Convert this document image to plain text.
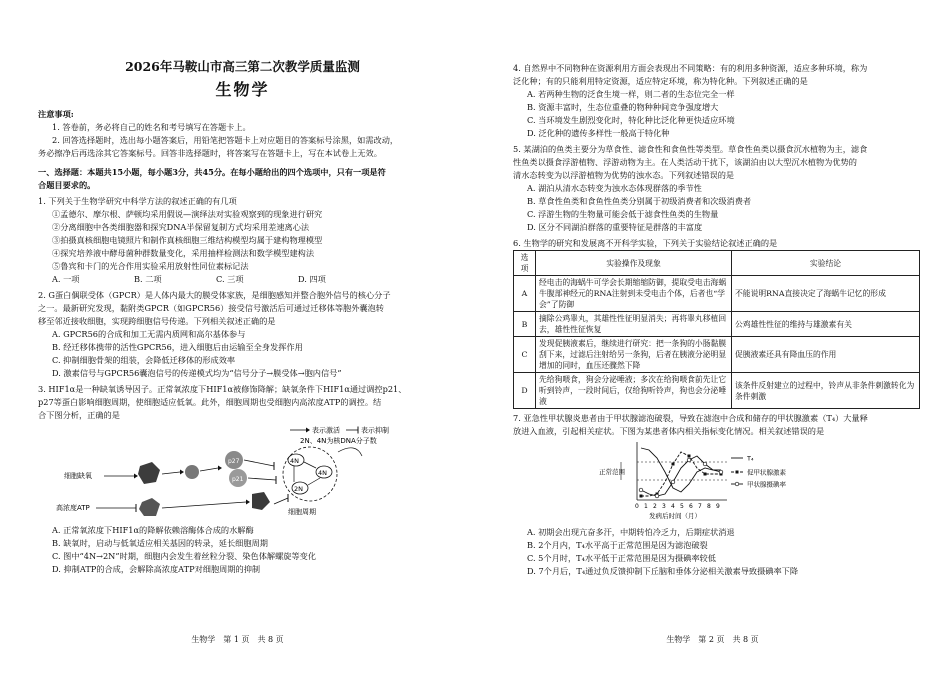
2026年马鞍山市高三第二次教学质量监测
生物学
注意事项:
1. 答卷前，务必将自己的姓名和考号填写在答题卡上。
2. 回答选择题时，选出每小题答案后，用铅笔把答题卡上对应题目的答案标号涂黑，如需改动，
务必擦净后再选涂其它答案标号。回答非选择题时，将答案写在答题卡上，写在本试卷上无效。
一、选择题：本题共15小题，每小题3分，共45分。在每小题给出的四个选项中，只有一项是符
合题目要求的。
1. 下列关于生物学研究中科学方法的叙述正确的有几项
①孟德尔、摩尔根、萨顿均采用假说—演绎法对实验观察到的现象进行研究
②分离细胞中各类细胞器和探究DNA半保留复制方式均采用差速离心法
③拍摄真核细胞电镜照片和制作真核细胞三维结构模型均属于建构物理模型
④探究培养液中酵母菌种群数量变化，采用抽样检测法和数学模型建构法
⑤鲁宾和卡门的光合作用实验采用放射性同位素标记法
A. 一项	B. 二项	C. 三项	D. 四项
2. G蛋白偶联受体（GPCR）是人体内最大的膜受体家族，是细胞感知并整合胞外信号的核心分子
之一。最新研究发现，黏附类GPCR（如GPCR56）接受信号激活后可通过迁移体等胞外囊泡转
移至邻近接收细胞，实现跨细胞信号传递。下列相关叙述正确的是
A. GPCR56的合成和加工无需内质网和高尔基体参与
B. 经迁移体携带的活性GPCR56，进入细胞后由运输至全身发挥作用
C. 抑制细胞骨架的组装，会降低迁移体的形成效率
D. 激素信号与GPCR56囊泡信号的传递模式均为“信号分子→膜受体→胞内信号”
3. HIF1α是一种缺氧诱导因子。正常氧浓度下HIF1α被修饰降解；缺氧条件下HIF1α通过调控p21、
p27等蛋白影响细胞周期，使细胞适应低氧。此外，细胞周期也受细胞内高浓度ATP的调控。结
合下图分析，正确的是
表示激活	表示抑制
2N、4N为核DNA分子数
细胞缺氧
高浓度ATP
p27
p21
4N
4N
2N
细胞周期
A. 正常氧浓度下HIF1α的降解依赖溶酶体合成的水解酶
B. 缺氧时，启动与低氧适应相关基因的转录，延长细胞周期
C. 图中“4N→2N”时期，细胞内会发生着丝粒分裂、染色体解螺旋等变化
D. 抑制ATP的合成，会解除高浓度ATP对细胞周期的抑制
生物学　第 1 页　共 8 页
4. 自然界中不同物种在资源利用方面会表现出不同策略：有的利用多种资源，适应多种环境，称为
泛化种；有的只能利用特定资源，适应特定环境，称为特化种。下列叙述正确的是
A. 若两种生物的泛食生境一样，则二者的生态位完全一样
B. 资源丰富时，生态位重叠的物种种间竞争强度增大
C. 当环境发生剧烈变化时，特化种比泛化种更快适应环境
D. 泛化种的遗传多样性一般高于特化种
5. 某湖泊的鱼类主要分为草食性、滤食性和食鱼性等类型。草食性鱼类以摄食沉水植物为主，滤食
性鱼类以摄食浮游植物、浮游动物为主。在人类活动干扰下，该湖泊由以大型沉水植物为优势的
清水态转变为以浮游植物为优势的浊水态。下列叙述错误的是
A. 湖泊从清水态转变为浊水态体现群落的季节性
B. 草食性鱼类和食鱼性鱼类分别属于初级消费者和次级消费者
C. 浮游生物的生物量可能会低于滤食性鱼类的生物量
D. 区分不同湖泊群落的重要特征是群落的丰富度
6. 生物学的研究和发展离不开科学实验，下列关于实验结论叙述正确的是
选项	实验操作及现象	实验结论
A	经电击的海蜗牛可学会长期缩缩防御，提取受电击海蜗牛腹部神经元的RNA注射到未受电击个体，后者也“学会”了防御	不能说明RNA直接决定了海蜗牛记忆的形成
B	摘除公鸡睾丸，其雄性性征明显消失；再将睾丸移植回去，雄性性征恢复	公鸡雄性性征的维持与雄激素有关
C	发现促胰液素后，继续进行研究：把一条狗的小肠黏膜刮下来，过滤后注射给另一条狗，后者在胰液分泌明显增加的同时，血压还骤然下降	促胰液素还具有降血压的作用
D	先给狗喂食，狗会分泌唾液；多次在给狗喂食前先让它听到铃声，一段时间后，仅给狗听铃声，狗也会分泌唾液	该条件反射建立的过程中，铃声从非条件刺激转化为条件刺激
7. 亚急性甲状腺炎患者由于甲状腺滤泡破裂，导致在滤泡中合成和储存的甲状腺激素（T₄）大量释
放进入血液，引起相关症状。下图为某患者体内相关指标变化情况。相关叙述错误的是
正常范围
0 1 2 3 4 5 6 7 8 9
发病后时间（月）
T₄
促甲状腺激素
甲状腺摄碘率
A. 初期会出现亢奋多汗，中期转怕冷乏力，后期症状消退
B. 2个月内，T₄水平高于正常范围是因为滤泡破裂
C. 5个月时，T₄水平低于正常范围是因为摄碘率较低
D. 7个月后，T₄通过负反馈抑制下丘脑和垂体分泌相关激素导致摄碘率下降
生物学　第 2 页　共 8 页
